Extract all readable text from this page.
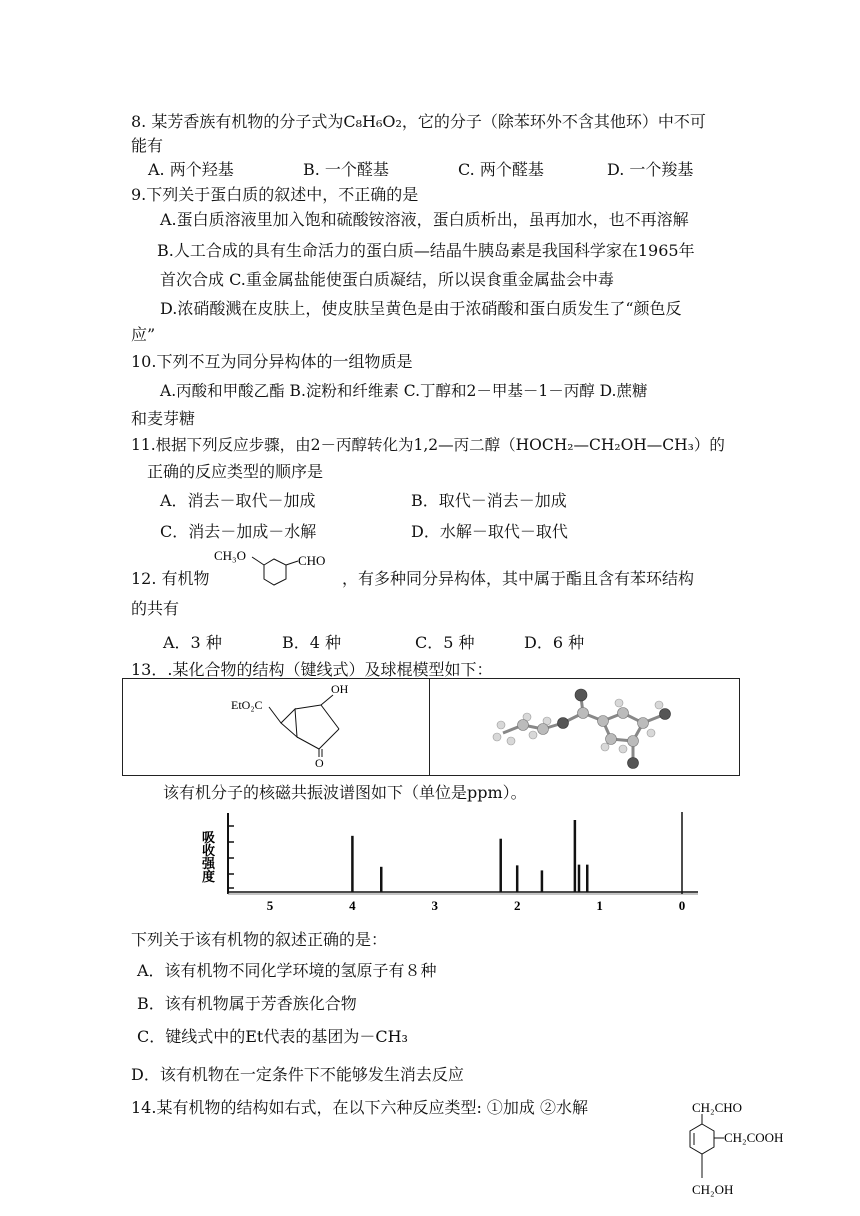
8. 某芳香族有机物的分子式为C₈H₆O₂，它的分子（除苯环外不含其他环）中不可
能有
A. 两个羟基	B. 一个醛基	C. 两个醛基	D. 一个羧基
9.下列关于蛋白质的叙述中，不正确的是
A.蛋白质溶液里加入饱和硫酸铵溶液，蛋白质析出，虽再加水，也不再溶解
B.人工合成的具有生命活力的蛋白质—结晶牛胰岛素是我国科学家在1965年
首次合成 C.重金属盐能使蛋白质凝结，所以误食重金属盐会中毒
D.浓硝酸溅在皮肤上，使皮肤呈黄色是由于浓硝酸和蛋白质发生了“颜色反
应”
10.下列不互为同分异构体的一组物质是
A.丙酸和甲酸乙酯 B.淀粉和纤维素 C.丁醇和2－甲基－1－丙醇 D.蔗糖
和麦芽糖
11.根据下列反应步骤，由2－丙醇转化为1,2—丙二醇（HOCH₂—CH₂OH—CH₃）的
正确的反应类型的顺序是
A．消去－取代－加成	B．取代－消去－加成
C．消去－加成－水解	D．水解－取代－取代
12. 有机物
CH₃O	CHO
，有多种同分异构体，其中属于酯且含有苯环结构
的共有
A．3 种	B．4 种	C．5 种	D．6 种
13．.某化合物的结构（键线式）及球棍模型如下：
EtO₂C
OH
O
该有机分子的核磁共振波谱图如下（单位是ppm）。
吸
收
强
度
5	4	3	2	1	0
下列关于该有机物的叙述正确的是：
A．该有机物不同化学环境的氢原子有８种
B．该有机物属于芳香族化合物
C．键线式中的Et代表的基团为－CH₃
D．该有机物在一定条件下不能够发生消去反应
14.某有机物的结构如右式，在以下六种反应类型: ①加成 ②水解	CH₂CHO
CH₂COOH
CH₂OH
